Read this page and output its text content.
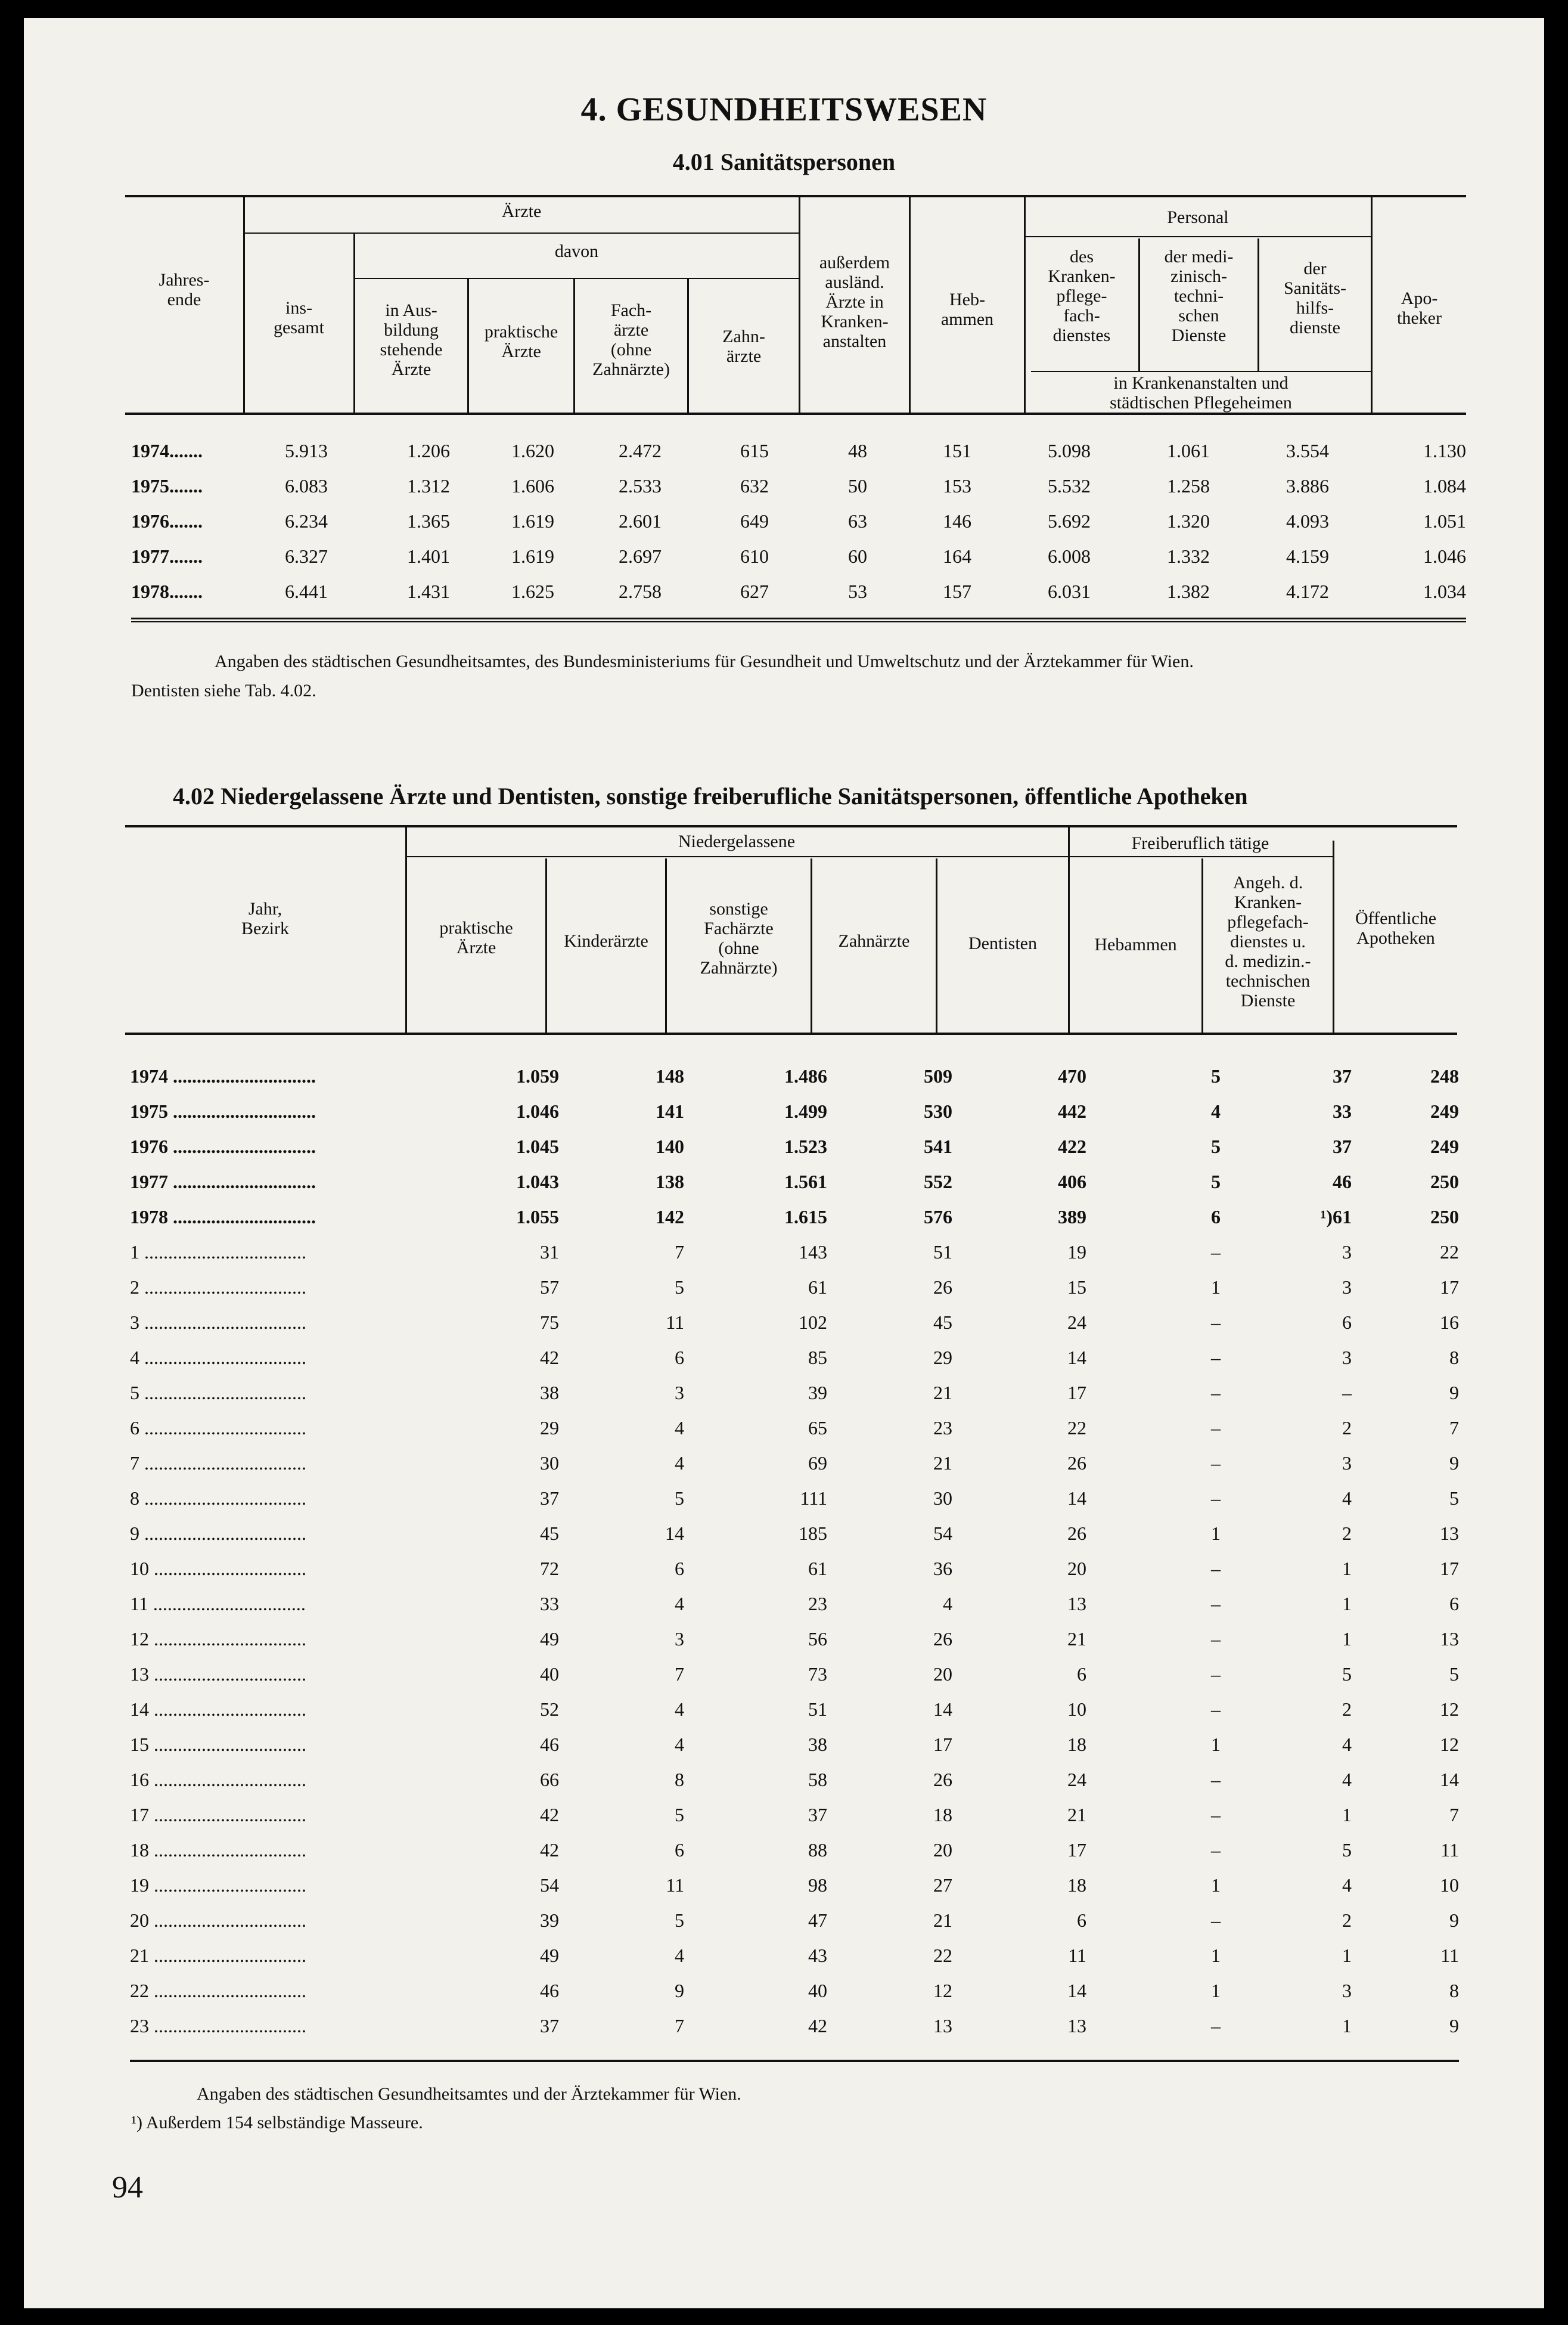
4. GESUNDHEITSWESEN
4.01 Sanitätspersonen
Jahres-
ende
Ärzte
ins-
gesamt
davon
in Aus-
bildung
stehende
Ärzte
praktische
Ärzte
Fach-
ärzte
(ohne
Zahnärzte)
Zahn-
ärzte
außerdem
ausländ.
Ärzte in
Kranken-
anstalten
Heb-
ammen
Personal
des
Kranken-
pflege-
fach-
dienstes
der medi-
zinisch-
techni-
schen
Dienste
der
Sanitäts-
hilfs-
dienste
in Krankenanstalten und
städtischen Pflegeheimen
Apo-
theker
1974.......	5.913	1.206	1.620	2.472	615	48	151	5.098	1.061	3.554	1.130
1975.......	6.083	1.312	1.606	2.533	632	50	153	5.532	1.258	3.886	1.084
1976.......	6.234	1.365	1.619	2.601	649	63	146	5.692	1.320	4.093	1.051
1977.......	6.327	1.401	1.619	2.697	610	60	164	6.008	1.332	4.159	1.046
1978.......	6.441	1.431	1.625	2.758	627	53	157	6.031	1.382	4.172	1.034
Angaben des städtischen Gesundheitsamtes, des Bundesministeriums für Gesundheit und Umweltschutz und der Ärztekammer für Wien.
Dentisten siehe Tab. 4.02.
4.02 Niedergelassene Ärzte und Dentisten, sonstige freiberufliche Sanitätspersonen, öffentliche Apotheken
Jahr,
Bezirk
Niedergelassene
praktische
Ärzte	Kinderärzte
sonstige
Fachärzte
(ohne
Zahnärzte)
Zahnärzte	Dentisten
Freiberuflich tätige
Hebammen
Angeh. d.
Kranken-
pflegefach-
dienstes u.
d. medizin.-
technischen
Dienste
Öffentliche
Apotheken
1974 ..............................	1.059	148	1.486	509	470	5	37	248
1975 ..............................	1.046	141	1.499	530	442	4	33	249
1976 ..............................	1.045	140	1.523	541	422	5	37	249
1977 ..............................	1.043	138	1.561	552	406	5	46	250
1978 ..............................	1.055	142	1.615	576	389	6	¹)61	250
1 ..................................	31	7	143	51	19	–	3	22
2 ..................................	57	5	61	26	15	1	3	17
3 ..................................	75	11	102	45	24	–	6	16
4 ..................................	42	6	85	29	14	–	3	8
5 ..................................	38	3	39	21	17	–	–	9
6 ..................................	29	4	65	23	22	–	2	7
7 ..................................	30	4	69	21	26	–	3	9
8 ..................................	37	5	111	30	14	–	4	5
9 ..................................	45	14	185	54	26	1	2	13
10 ................................	72	6	61	36	20	–	1	17
11 ................................	33	4	23	4	13	–	1	6
12 ................................	49	3	56	26	21	–	1	13
13 ................................	40	7	73	20	6	–	5	5
14 ................................	52	4	51	14	10	–	2	12
15 ................................	46	4	38	17	18	1	4	12
16 ................................	66	8	58	26	24	–	4	14
17 ................................	42	5	37	18	21	–	1	7
18 ................................	42	6	88	20	17	–	5	11
19 ................................	54	11	98	27	18	1	4	10
20 ................................	39	5	47	21	6	–	2	9
21 ................................	49	4	43	22	11	1	1	11
22 ................................	46	9	40	12	14	1	3	8
23 ................................	37	7	42	13	13	–	1	9
Angaben des städtischen Gesundheitsamtes und der Ärztekammer für Wien.
¹) Außerdem 154 selbständige Masseure.
94
